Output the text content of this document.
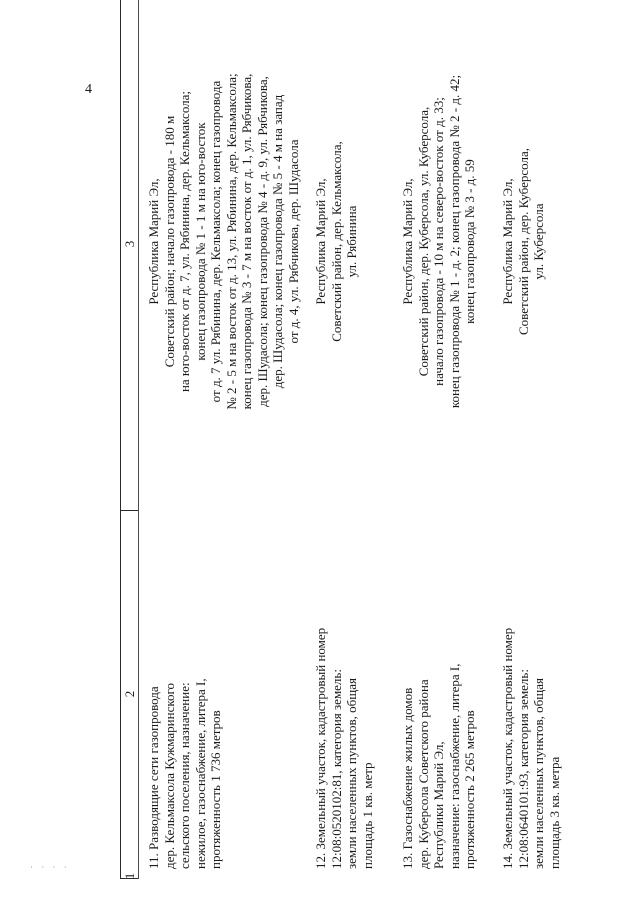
4
1
2
3
11. Разводящие сети газопровода дер. Кельмаксола Кужмаринского сельского поселения, назначение: нежилое, газоснабжение, литера I, протяженность 1 736 метров
Республика Марий Эл, Советский район; начало газопровода - 180 м на юго-восток от д. 7, ул. Рябинина, дер. Кельмаксола; конец газопровода № 1 - 1 м на юго-восток от д. 7 ул. Рябинина, дер. Кельмаксола; конец газопровода № 2 - 5 м на восток от д. 13, ул. Рябинина, дер. Кельмаксола; конец газопровода № 3 - 7 м на восток от д. 1, ул. Рябчикова, дер. Шудасола; конец газопровода № 4 - д. 9, ул. Рябчикова, дер. Шудасола; конец газопровода № 5 - 4 м на запад от д. 4, ул. Рябчикова, дер. Шудасола
12. Земельный участок, кадастровый номер 12:08:0520102:81, категория земель: земли населенных пунктов, общая площадь 1 кв. метр
Республика Марий Эл, Советский район, дер. Кельмаксола, ул. Рябинина
13. Газоснабжение жилых домов дер. Куберсола Советского района Республики Марий Эл, назначение: газоснабжение, литера I, протяженность 2 265 метров
Республика Марий Эл, Советский район, дер. Куберсола, ул. Куберсола, начало газопровода - 10 м на северо-восток от д. 33; конец газопровода № 1 - д. 2; конец газопровода № 2 - д. 42; конец газопровода № 3 - д. 59
14. Земельный участок, кадастровый номер 12:08:0640101:93, категория земель: земли населенных пунктов, общая площадь 3 кв. метра
Республика Марий Эл, Советский район, дер. Куберсола, ул. Куберсола
· · · ·
